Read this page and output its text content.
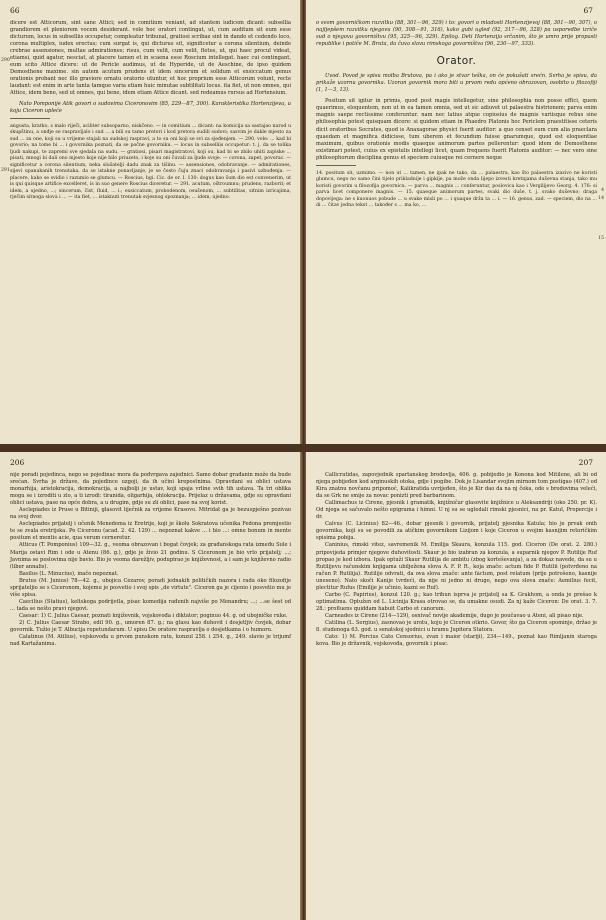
66

dicere est Atticorum, sint sane Attici; sed in comitium veniant, ad stantem iudicem dicant: subsellia grandiorem et pleniorem vocem desiderant. vole hoc oratori contingat, ut, cum auditum sit eum esse dicturum, locus in subselliis occupetur, compleatur tribunal, gratiosi scribae sint in dando et cedendo loco, corona multiplex, iudex erectus; cum surgat is, qui dicturus sit, significetur a corona silentium, deinde crebrae assensiones, multae admirationes; risus, cum velit, cum velit, fletus, ut, qui haec procul videat, etiamsi, quid agatur, nesciat, at placere tamen et in scaena esse Roscium intellegat. haec cui contingant, eum scito Attice dicere: ut de Pericle audimus, ut de Hyperide, ut de Aeschine, de ipso quidem Demosthene maxime. sin autem acutum prudens et idem sincerum et solidum et exsiccatum genus orationis probant nec illo graviore ornatu oratorio utuntur, et hoc proprium esse Atticorum volunt, recte laudant: est enim in arte tanta tamque varia etiam huic minutae subtilitati locus. ita fiet, ut non omnes, qui Attice, idem bene, sed ut omnes, qui bene, idem etiam Attice dicant. sed redeamus rursus ad Hortensium.

Nato Pomponije Atik govori o sudovima Ciceronovim (85, 229—87, 300). Karakteristika Hortenzijeva, u koju Ciceron upleće

290
291

angusta, kratko, s malo riječi, aciliter subsoparno, niskčeno. — in comitium ... dicant: na komicija sa sastajao narod u skupštinu, a onđje se raspravljalo i sud ... a bili su tamo pretori i kod pretora sudili sudovi; sasvim je dakle mjesto za sud ... za one, koji su u vrijeme stajali na sudskoj raspravi, a to su oni koji se svi za sjeđenjem. — 290. vole: ... kad bi govorio; na tome bi ... i govornika poznati, da se počne govorniku. — locus in subselliis occupetur: t. j. da se tolika ljudi nakupi, te zapremi sve sjedala na sudu. — gratiosi, pisari magistratovi, koji su, kad bi se zbilo uhiti zapiske ... pisati, mnogi bi dali ono mjesto koje nije bilo priuzeto, i koje su oni čuvali za ljude svoje. — corona, zapet, povorac. — significetur a corona silentium, neka slušatelji dadu znak za tišinu. — assensiones, odobravanje. — admirationes, sijevi upanakanih trenutaka, da se istakne ponavljanje, je se često čuju znaci odobravanja i pasivi uzbuđenja. — placere, kako se svidio i razumio se glumcu. — Roscius, bgi. Cic. de or. I. 130: dogus kao šum dio est convenerim, ut is qui quisque artifice excelleret, is in suo genere Roscius diceretur. — 291. acutum, oštroumnu; prudens, razborit; et idem, a ujedno, ...; sincerum, čist, fluid, ... i.; exsiccatum, probodenom, osušenom, ... subtilitas, sitnim izricajima, rječim sitnoga slova i ... — ita fiet, ... istaknuti trenutak svjesnog spoznanja; ... idem, ujedno.

67

o svom govorničkom razvitku (88, 301—96, 329) i to: govori o mladosti Hortenzijevoj (88, 301—90, 307), o najljepšem razvitku njegovu (90, 308—91, 316), kako gubi ugled (92, 317—96, 328) pa usporedbe izriče sud o njegovu govorništvu (95, 325—96, 329). Epilog. Deti Hortenzija srčanim, što je umro prije propasti republike i potiče M. Bruta, da čuva slavu rimskoga govorništva (96, 230—97, 333).

Orator.

Uvod. Povod je spisu molba Brutova, pa i ako je stvar teška, on će pokušati srećn. Svrha je spisu, da prikaže uzornu govornika. Uzoran govornik mora biti u prvom redu općeno obrazovan, osobito u filozofiji (1, 1—3, 13).

Positum sit igitur in primis, quod post magis intellegetur, sine philosophia non posse effici, quem quaerimus, eloquentem, non ut in ea tamen omnia, sed ut sic adiuvet ut palaestra histrionem; parva enim magnis saepe rectissime conferuntur. nam nec latius atque copiosius de magnis variisque rebus sine philosophia potest quisquam dicere: si quidem etiam in Phaedro Platonis hoc Periclem praestitisse ceteris dicit oratoribus Socrates, quod is Anaxagorae physici fuerit auditor: a quo censet eum cum alia praeclara quaedam et magnifica didicisse, tum uberem et fecundum fuisse gnarumque, quod est eloquentiae maximum, quibus orationis modis quaeque animorum partes pellerentur: quod idem de Demosthene existimari potest, cuius ex epistulis intellegi licet, quam frequens fuerit Platonis auditor: — nec vero sine philosophorum disciplina genus et speciem cuiusque rei cernere neque

4
14
15

14. positum sit, uzmimo. — non ut ... tamen, ne ipak ne tako, da ... palaestra, kao što palaestra izazivo ne koristi glumcu, nego no samo čini tijelo prikladnije i gipkije, pa može onda lijepo izvesti kretnjama duševna stanja, tako mu koristi govorim u filozofija govornicu. — parva ... magnis ... conferuntur, poslovica kao i Vergilijevo Georg. 4. 176: si parva licet componere magnis. — 15. quaeque animorum partes, svaki dio duše, t. j. svako duševno; draga dopovijega: ne s kuonuos pobude ... u svake misli po ... i quaque drža ta ... i. — 16. genus, zad. — speciem, dio na ... di ... čitav jedna tekst ... također s ... ma ko, ...

206

nije poradi pojedinca, nego se pojedinac mora da podvrgava zajednici. Samo dobar građanin može da bude srećan. Svrha je države, da pojedince uzgoji, da ih učini krepostnima. Opravdani su oblici ustava monarhija, aristokracija, demokracija, a najbolji je ustav, koji spaja vrline svih tih ustava. Ta tri oblika mogu se i izroditi u zlo, a ti izrodi: tiranida, oligarhija, ohlokracija. Prijelaz u državama, gdje su opravdani oblici ustava, pase na opće dobra, a u drugim, gdje su zli oblici, pase na svoj korist.

Asclepiades iz Pruse u Bitiniji, glasovit liječnik za vrijeme Krasovo. Mitridat ga je bezuspješno pozivao na svoj dvor.

Asclepiades prijatelj i učenik Menedema iz Eretrije, koji je školu Sokratova učenika Fedona premjestio te se zvala eretrijska. Po Ciceronu (acad. 2. 42. 129) ... nepoznat kakve ... i bio ...: omne bonum in mente positum et mentis acie, qua verum cerneretur.

Atticus (T. Pomponius) 109—32. g., veoma obrazovan i bogat čovjek; za građanskoga rata između Sule i Marija ostavi Rim i ode u Atenu (86. g.), gdje je živio 21 godinu. S Ciceronom je bio vrlo prijatelj; ...; Javnima se poslovima nije bavio. Bio je veoma darežljiv, podupirao je književnost, a i sam je književno radio (liber annalis).

Basilus (L. Minucius), inače nepoznat.

Brutus (M. Junius) 78—42. g., ubojica Cezarov, poradi jednakih političkih nazora i rada oko filozofije sprijateljio se s Ciceronom, kojemu je posvetio i svoj spis „de virtute". Ciceron ga je cijenio i posvetio mu je više spisa.

Caecilius (Statius), keltskoga podrijetla, pisac komedija rađenih najviše po Menandru; ...; ...se šest od ... tada se nešto pravi njegovi.

Caesar: 1) C. Julius Caesar, poznati književnik, vojskovođa i diktator; poginuo 44. g. od ubojničke ruke.

2) C. Julius Caesar Strabo, edil 90. g., umoren 87. g.; na glasu kao duhovit i dosjetljiv čovjek, dobar govornik. Tužio je T. Albucija repetundarum. U spisu De oratore raspravlja o dosjetkama i o humoru.

Calatinus (M. Atilius), vojskovođa u prvom punskom ratu, konzul 258. i 254. g., 249. slavio je trijumf nad Kartažanima.

207

Callicratidas, zapovjednik spartanskog brodovlja, 406. g. pobijedio je Konona kod Mitilene, ali bi od njega pobijeđen kod arginuskih otoka, gdje i pogibe. Dok je Lisandar svojim mirnom tom postigao (407.) od Kira znatnu novčanu pripomoć, Kalikratida uvrijeđen, što je Kir dao da na nj čeka, ode s brodovima veleći, da se Grk ne smije za novac ponizti pred barbarinom.

Callimachus iz Cirene, pjesnik i gramatik, knjižničar glasovite knjižnice u Aleksandriji (oko 250. pr. K). Od njega se sačuvalo nešto epigrama i himni. U nj su se ugledali rimski pjesnici, na pr. Katul, Propercije i dr.

Calvus (C. Licinius) 82—46., dobar pjesnik i govornik, prijatelj pjesnika Katula; bio je prvak onih govornika, koji su se povodili za atičkim govornikom Lizijom i koje Ciceron u svojim kasnijim retoričkim spisima pobija.

Caninius, rimski vitez, savremenik M. Emilija Skaura, konzula 115. god. Ciceron (De orat. 2. 280.) pripovijeda primjer njegove duhovitosti. Skaur je bio izabran za konzula, a suparnik njegov P. Rutilije Ruf propao je kod izbora. Ipak optuži Skaur Rutilija de ambitu (zbog korteševanja), a za dokaz navede, da su u Rutilijevu računskim knjigama ubilježena slova A. F. P. R., koja znače: actum fide P. Rutilii (potvrđeno na račun P. Rutilija). Rutilije odvrati, da ova slova znače: ante factum, post relatum (prije potrošeno, kasnije uneseno). Nato skoči Kanije tvrdeći, da nije ni jedno ni drugo, nego ova slova znače: Aemilius fecit, plectitur Rufus (Emilije je učinio, kazni se Ruf).

Carbo (C. Papirius), konzul 120. g.; kao tribun isprva je prijatelj sa K. Grakhom, a onda je prešao k optimatima. Optužen od L. Licinija Krasa otrovao se, da umakne osudi. Za nj kaže Ciceron: De orat. 3. 7. 28.: profluens quiddam habuit Carbo et canorum.

Carneades iz Cirene (214—129), osnivač novije akademije, dugo je poučavao u Ateni, ali pisao nije.

Catilina (L. Sergius), zasnovao je urotu, koju je Ciceron otkrio. Govor, što ga Ciceron spominje, držao je 8. studenoga 63. god. u senatskoj sjednici u hramu Jupitera Statora.

Cato: 1) M. Porcius Cato Censorius, zvan i maior (stariji), 234—149., poznat kao Rimljanin staroga kova. Bio je državnik, vojskovođa, govornik i pisac.
